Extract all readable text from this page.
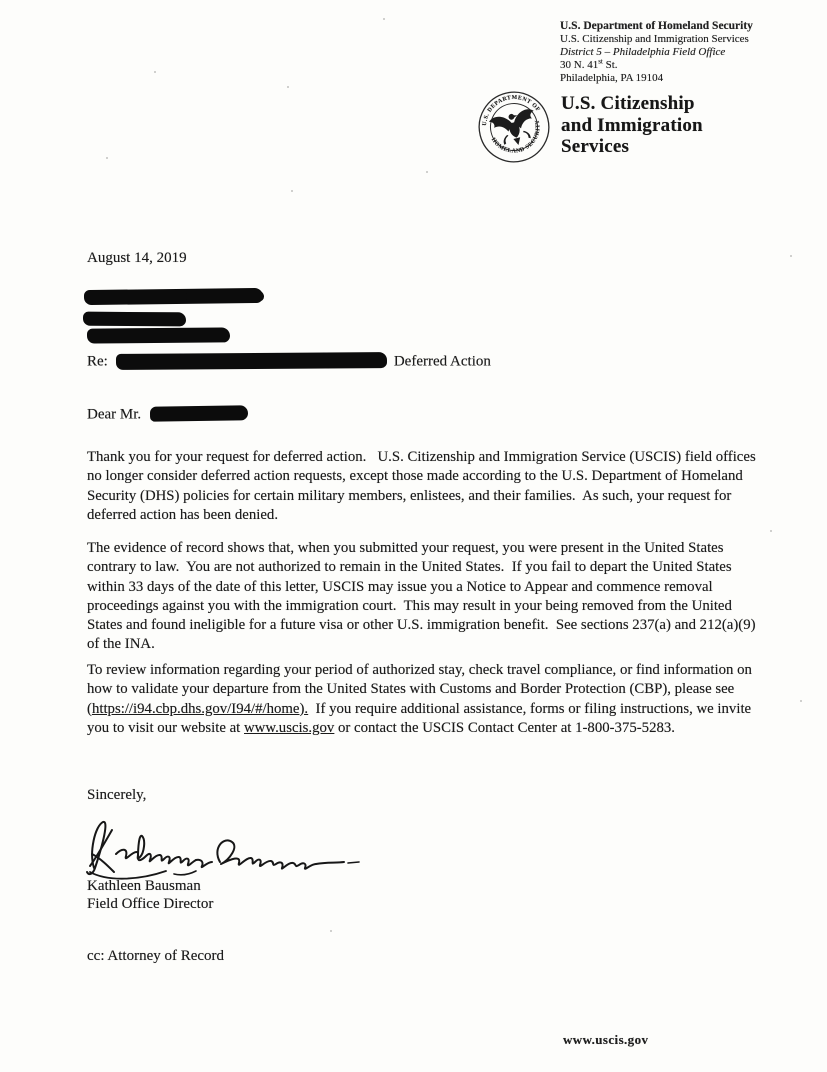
U.S. Department of Homeland Security
U.S. Citizenship and Immigration Services
District 5 – Philadelphia Field Office
30 N. 41st St.
Philadelphia, PA 19104
U.S. DEPARTMENT OF
HOMELAND SECURITY
U.S. Citizenship
and Immigration
Services
August 14, 2019
Re:	Deferred Action
Dear Mr.
Thank you for your request for deferred action.   U.S. Citizenship and Immigration Service (USCIS) field offices no longer consider deferred action requests, except those made according to the U.S. Department of Homeland Security (DHS) policies for certain military members, enlistees, and their families.  As such, your request for deferred action has been denied.
The evidence of record shows that, when you submitted your request, you were present in the United States contrary to law.  You are not authorized to remain in the United States.  If you fail to depart the United States within 33 days of the date of this letter, USCIS may issue you a Notice to Appear and commence removal proceedings against you with the immigration court.  This may result in your being removed from the United States and found ineligible for a future visa or other U.S. immigration benefit.  See sections 237(a) and 212(a)(9) of the INA.
To review information regarding your period of authorized stay, check travel compliance, or find information on how to validate your departure from the United States with Customs and Border Protection (CBP), please see (https://i94.cbp.dhs.gov/I94/#/home).  If you require additional assistance, forms or filing instructions, we invite you to visit our website at www.uscis.gov or contact the USCIS Contact Center at 1-800-375-5283.
Sincerely,
Kathleen Bausman
Field Office Director
cc: Attorney of Record
www.uscis.gov
